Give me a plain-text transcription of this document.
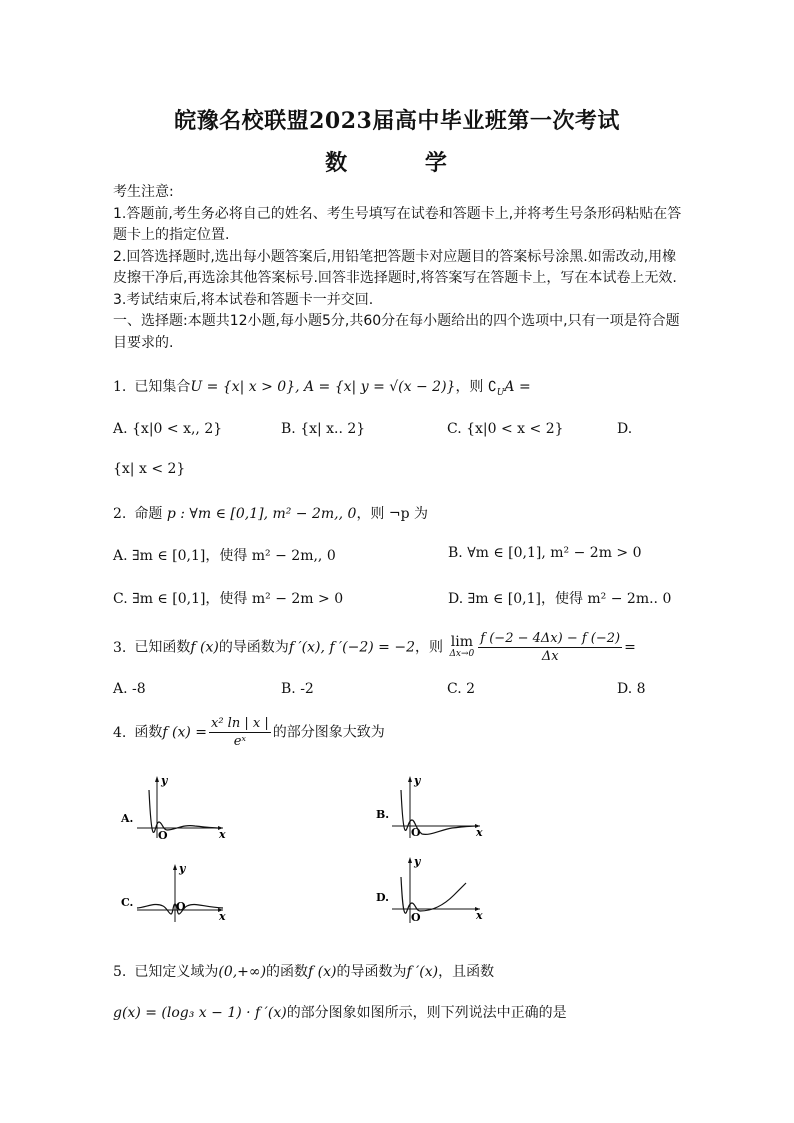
皖豫名校联盟2023届高中毕业班第一次考试
数 学

考生注意:

1.答题前,考生务必将自己的姓名、考生号填写在试卷和答题卡上,并将考生号条形码粘贴在答题卡上的指定位置.

2.回答选择题时,选出每小题答案后,用铅笔把答题卡对应题目的答案标号涂黑.如需改动,用橡皮擦干净后,再选涂其他答案标号.回答非选择题时,将答案写在答题卡上，写在本试卷上无效.

3.考试结束后,将本试卷和答题卡一并交回.

一、选择题:本题共12小题,每小题5分,共60分在每小题给出的四个选项中,只有一项是符合题目要求的.

1. 已知集合U = {x| x > 0}, A = {x| y = √(x − 2)}，则 $∁_UA$ =
A. {x|0 < x,, 2}	B. {x| x.. 2}	C. {x|0 < x < 2}	D.
{x| x < 2}
2. 命题 p : ∀m ∈ [0,1], m² − 2m,, 0，则 ¬p 为
A. ∃m ∈ [0,1]，使得 m² − 2m,, 0	B. ∀m ∈ [0,1], m² − 2m > 0
C. ∃m ∈ [0,1]，使得 m² − 2m > 0	D. ∃m ∈ [0,1]，使得 m² − 2m.. 0
3. 已知函数f (x)的导函数为f ′(x), f ′(−2) = −2，则 lim
$\Delta x\to 0 \frac{f (-2 - 4\Delta x) - f (-2)}{\Delta x}$ =
A. -8	B. -2	C. 2	D. 8
4. 函数f $(x) = \frac{\text{x² ln | x |}}{\text{eˣ}}$ 的部分图象大致为
A.
y
x
O
B.
y
x
O
C.
y
x
O
D.
y
x
O
5. 已知定义域为(0,+∞)的函数f (x)的导函数为f ′(x)，且函数
g(x) = (log₃ x − 1) · f ′(x)的部分图象如图所示，则下列说法中正确的是
